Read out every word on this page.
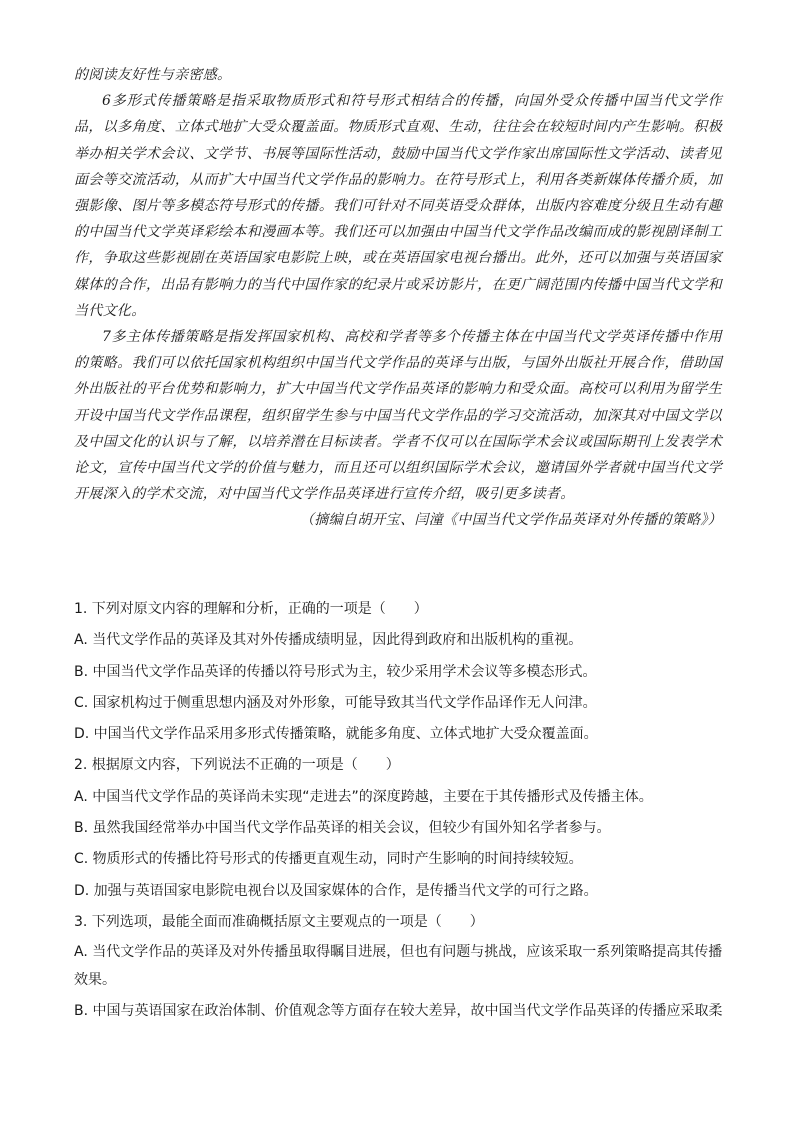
的阅读友好性与亲密感。

6多形式传播策略是指采取物质形式和符号形式相结合的传播，向国外受众传播中国当代文学作品，以多角度、立体式地扩大受众覆盖面。物质形式直观、生动，往往会在较短时间内产生影响。积极举办相关学术会议、文学节、书展等国际性活动，鼓励中国当代文学作家出席国际性文学活动、读者见面会等交流活动，从而扩大中国当代文学作品的影响力。在符号形式上，利用各类新媒体传播介质，加强影像、图片等多模态符号形式的传播。我们可针对不同英语受众群体，出版内容难度分级且生动有趣的中国当代文学英译彩绘本和漫画本等。我们还可以加强由中国当代文学作品改编而成的影视剧译制工作，争取这些影视剧在英语国家电影院上映，或在英语国家电视台播出。此外，还可以加强与英语国家媒体的合作，出品有影响力的当代中国作家的纪录片或采访影片，在更广阔范围内传播中国当代文学和当代文化。

7多主体传播策略是指发挥国家机构、高校和学者等多个传播主体在中国当代文学英译传播中作用的策略。我们可以依托国家机构组织中国当代文学作品的英译与出版，与国外出版社开展合作，借助国外出版社的平台优势和影响力，扩大中国当代文学作品英译的影响力和受众面。高校可以利用为留学生开设中国当代文学作品课程，组织留学生参与中国当代文学作品的学习交流活动，加深其对中国文学以及中国文化的认识与了解，以培养潜在目标读者。学者不仅可以在国际学术会议或国际期刊上发表学术论文，宣传中国当代文学的价值与魅力，而且还可以组织国际学术会议，邀请国外学者就中国当代文学开展深入的学术交流，对中国当代文学作品英译进行宣传介绍，吸引更多读者。

（摘编自胡开宝、闫潼《中国当代文学作品英译对外传播的策略》）

1. 下列对原文内容的理解和分析，正确的一项是（　　）

A. 当代文学作品的英译及其对外传播成绩明显，因此得到政府和出版机构的重视。

B. 中国当代文学作品英译的传播以符号形式为主，较少采用学术会议等多模态形式。

C. 国家机构过于侧重思想内涵及对外形象，可能导致其当代文学作品译作无人问津。

D. 中国当代文学作品采用多形式传播策略，就能多角度、立体式地扩大受众覆盖面。

2. 根据原文内容，下列说法不正确的一项是（　　）

A. 中国当代文学作品的英译尚未实现“走进去”的深度跨越，主要在于其传播形式及传播主体。

B. 虽然我国经常举办中国当代文学作品英译的相关会议，但较少有国外知名学者参与。

C. 物质形式的传播比符号形式的传播更直观生动，同时产生影响的时间持续较短。

D. 加强与英语国家电影院电视台以及国家媒体的合作，是传播当代文学的可行之路。

3. 下列选项，最能全面而准确概括原文主要观点的一项是（　　）

A. 当代文学作品的英译及对外传播虽取得瞩目进展，但也有问题与挑战，应该采取一系列策略提高其传播效果。

B. 中国与英语国家在政治体制、价值观念等方面存在较大差异，故中国当代文学作品英译的传播应采取柔
